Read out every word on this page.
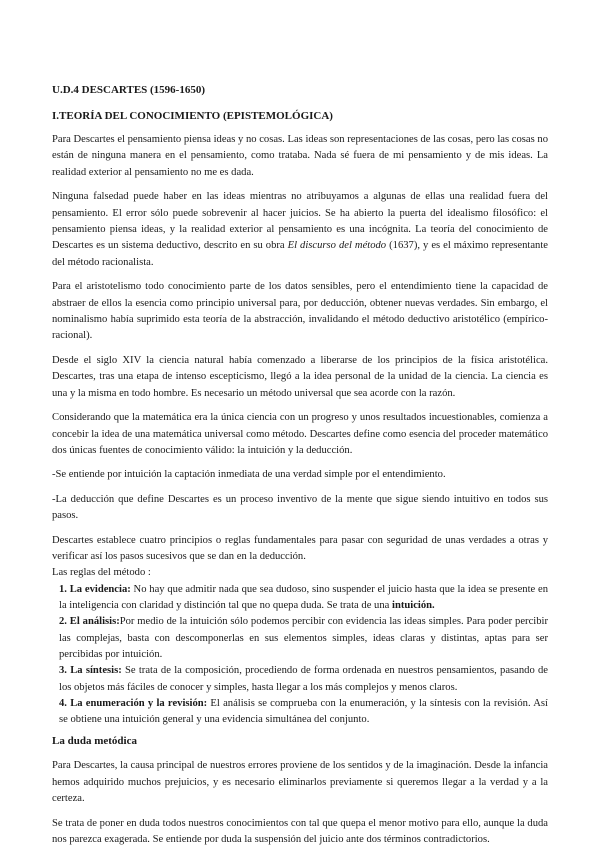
U.D.4 DESCARTES (1596-1650)
I.TEORÍA DEL CONOCIMIENTO (EPISTEMOLÓGICA)

Para Descartes el pensamiento piensa ideas y no cosas. Las ideas son representaciones de las cosas, pero las cosas no están de ninguna manera en el pensamiento, como trataba. Nada sé fuera de mi pensamiento y de mis ideas. La realidad exterior al pensamiento no me es dada.

Ninguna falsedad puede haber en las ideas mientras no atribuyamos a algunas de ellas una realidad fuera del pensamiento. El error sólo puede sobrevenir al hacer juicios. Se ha abierto la puerta del idealismo filosófico: el pensamiento piensa ideas, y la realidad exterior al pensamiento es una incógnita. La teoría del conocimiento de Descartes es un sistema deductivo, descrito en su obra El discurso del método (1637), y es el máximo representante del método racionalista.

Para el aristotelismo todo conocimiento parte de los datos sensibles, pero el entendimiento tiene la capacidad de abstraer de ellos la esencia como principio universal para, por deducción, obtener nuevas verdades. Sin embargo, el nominalismo había suprimido esta teoría de la abstracción, invalidando el método deductivo aristotélico (empírico-racional).

Desde el siglo XIV la ciencia natural había comenzado a liberarse de los principios de la física aristotélica. Descartes, tras una etapa de intenso escepticismo, llegó a la idea personal de la unidad de la ciencia. La ciencia es una y la misma en todo hombre. Es necesario un método universal que sea acorde con la razón.

Considerando que la matemática era la única ciencia con un progreso y unos resultados incuestionables, comienza a concebir la idea de una matemática universal como método. Descartes define como esencia del proceder matemático dos únicas fuentes de conocimiento válido: la intuición y la deducción.

-Se entiende por intuición la captación inmediata de una verdad simple por el entendimiento.

-La deducción que define Descartes es un proceso inventivo de la mente que sigue siendo intuitivo en todos sus pasos.

Descartes establece cuatro principios o reglas fundamentales para pasar con seguridad de unas verdades a otras y verificar así los pasos sucesivos que se dan en la deducción.

Las reglas del método :

1. La evidencia: No hay que admitir nada que sea dudoso, sino suspender el juicio hasta que la idea se presente en la inteligencia con claridad y distinción tal que no quepa duda. Se trata de una intuición.
2. El análisis:Por medio de la intuición sólo podemos percibir con evidencia las ideas simples. Para poder percibir las complejas, basta con descomponerlas en sus elementos simples, ideas claras y distintas, aptas para ser percibidas por intuición.
3. La síntesis: Se trata de la composición, procediendo de forma ordenada en nuestros pensamientos, pasando de los objetos más fáciles de conocer y simples, hasta llegar a los más complejos y menos claros.
4. La enumeración y la revisión: El análisis se comprueba con la enumeración, y la síntesis con la revisión. Así se obtiene una intuición general y una evidencia simultánea del conjunto.
La duda metódica

Para Descartes, la causa principal de nuestros errores proviene de los sentidos y de la imaginación. Desde la infancia hemos adquirido muchos prejuicios, y es necesario eliminarlos previamente si queremos llegar a la verdad y a la certeza.

Se trata de poner en duda todos nuestros conocimientos con tal que quepa el menor motivo para ello, aunque la duda nos parezca exagerada. Se entiende por duda la suspensión del juicio ante dos términos contradictorios.
